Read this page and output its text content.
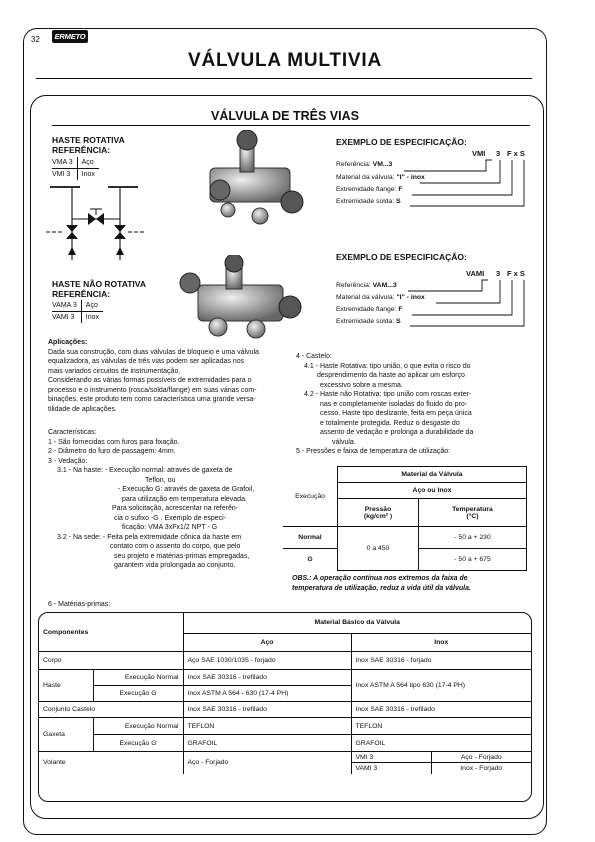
32	ERMETO
VÁLVULA MULTIVIA
VÁLVULA DE TRÊS VIAS
HASTE ROTATIVA
REFERÊNCIA:
VMA 3	Aço
VMI 3	Inox
HASTE NÃO ROTATIVA
REFERÊNCIA:
VAMA 3	Aço
VAMI 3	Inox
EXEMPLO DE ESPECIFICAÇÃO:
VMI 3 F x S
Referência: VM...3
Material da válvula: "I" - inox
Extremidade flange: F
Extremidade solda: S
EXEMPLO DE ESPECIFICAÇÃO:
VAMI 3 F x S
Referência: VAM...3
Material da válvula: "I" - inox
Extremidade flange: F
Extremidade solda: S
Aplicações:
Dada sua construção, com duas válvulas de bloqueio e uma válvula
equalizadora, as válvulas de três vias podem ser aplicadas nos
mais variados circuitos de instrumentação.
Considerando as várias formas possíveis de extremidades para o
processo e o instrumento (rosca/solda/flange) em suas várias com-
binações, este produto tem como característica uma grande versa-
tilidade de aplicações.
Características:
1 - São fornecidas com furos para fixação.
2 - Diâmetro do furo de passagem: 4mm.
3 - Vedação:
3.1 - Na haste: - Execução normal: através de gaxeta de
Teflon, ou
- Execução G: através de gaxeta de Grafoil,
para utilização em temperatura elevada.
Para solicitação, acrescentar na referên-
cia o sufixo -G . Exemplo de especi-
ficação: VMA 3xFx1/2 NPT - G
3.2 - Na sede: - Feita pela extremidade cônica da haste em
contato com o assento do corpo, que pelo
seu projeto e matérias-primas empregadas,
garantem vida prolongada ao conjunto.
4 - Castelo:
4.1 - Haste Rotativa: tipo união, o que evita o risco do
desprendimento da haste ao aplicar um esforço
excessivo sobre a mesma.
4.2 - Haste não Rotativa: tipo união com roscas exter-
nas e completamente isoladas do fluido do pro-
cesso. Haste tipo deslizante, feita em peça única
e totalmente protegida. Reduz o desgaste do
assento de vedação e prolonga a durabilidade da
válvula.
5 - Pressões e faixa de temperatura de utilização:
Execução	Material da Válvula	
	Aço ou Inox	
	Pressão
(kg/cm² )	Temperatura
(°C)
Normal	0 a 450	- 50 a + 230
G		- 50 a + 675
OBS.: A operação contínua nos extremos da faixa de
temperatura de utilização, reduz a vida útil da válvula.
6 - Matérias-primas:
Componentes		Material Básico da Válvula		
		Aço	Inox	
Corpo		Aço SAE 1030/1035 - forjado	Inox SAE 30316 - forjado	
Haste	Execução Normal	Inox SAE 30316 - trefilado	Inox ASTM A 564 tipo 630 (17-4 PH)	
	Execução G	Inox ASTM A 564 - 630 (17-4 PH)		
Conjunto Castelo		Inox SAE 30316 - trefilado	Inox SAE 30316 - trefilado	
Gaxeta	Execução Normal	TEFLON	TEFLON	
	Execução G	GRAFOIL	GRAFOIL	
Volante		Aço - Forjado	VMI 3	Aço - Forjado
			VAMI 3	Inox - Forjado
